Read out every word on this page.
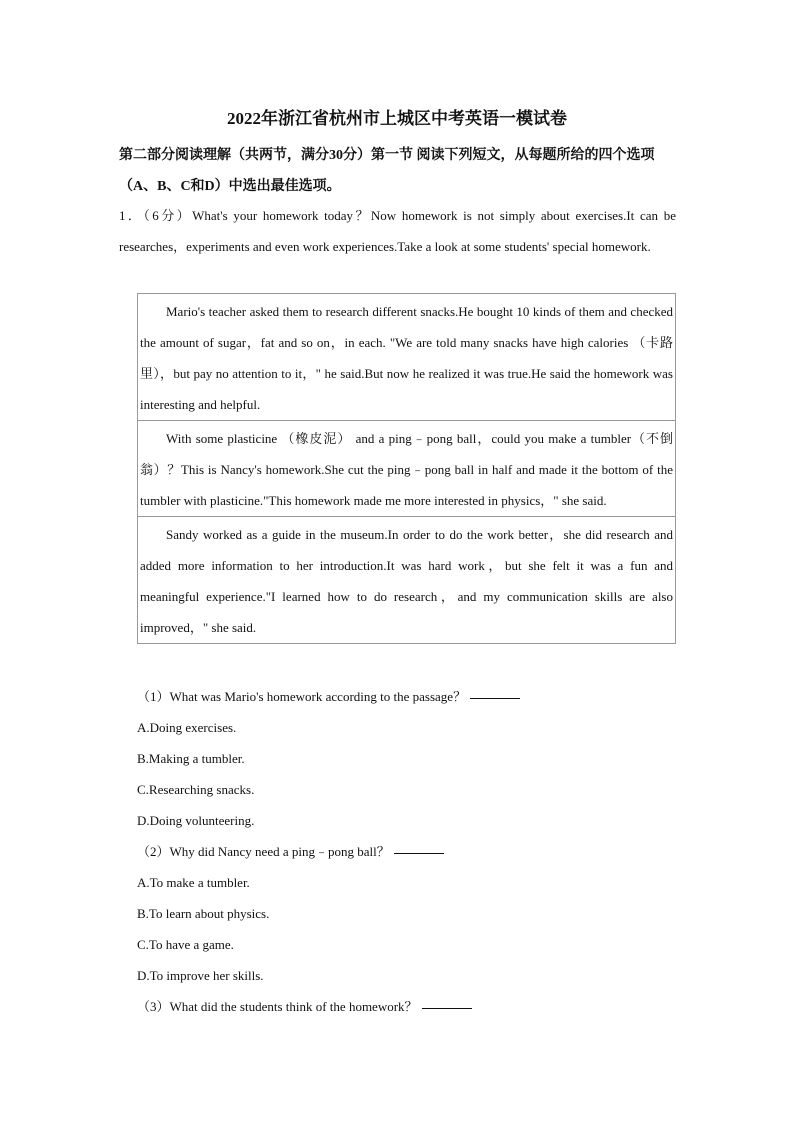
2022年浙江省杭州市上城区中考英语一模试卷
第二部分阅读理解（共两节，满分30分）第一节 阅读下列短文，从每题所给的四个选项（A、B、C和D）中选出最佳选项。

1．（6分）What's your homework today？Now homework is not simply about exercises.It can be researches，experiments and even work experiences.Take a look at some students' special homework.

Mario's teacher asked them to research different snacks.He bought 10 kinds of them and checked the amount of sugar，fat and so on，in each. "We are told many snacks have high calories （卡路里），but pay no attention to it，" he said.But now he realized it was true.He said the homework was interesting and helpful.

With some plasticine （橡皮泥） and a ping﹣pong ball，could you make a tumbler（不倒翁）？This is Nancy's homework.She cut the ping﹣pong ball in half and made it the bottom of the tumbler with plasticine."This homework made me more interested in physics，" she said.

Sandy worked as a guide in the museum.In order to do the work better，she did research and added more information to her introduction.It was hard work，but she felt it was a fun and meaningful experience."I learned how to do research，and my communication skills are also improved，" she said.

（1）What was Mario's homework according to the passage？
A.Doing exercises.
B.Making a tumbler.
C.Researching snacks.
D.Doing volunteering.
（2）Why did Nancy need a ping﹣pong ball？
A.To make a tumbler.
B.To learn about physics.
C.To have a game.
D.To improve her skills.
（3）What did the students think of the homework？
